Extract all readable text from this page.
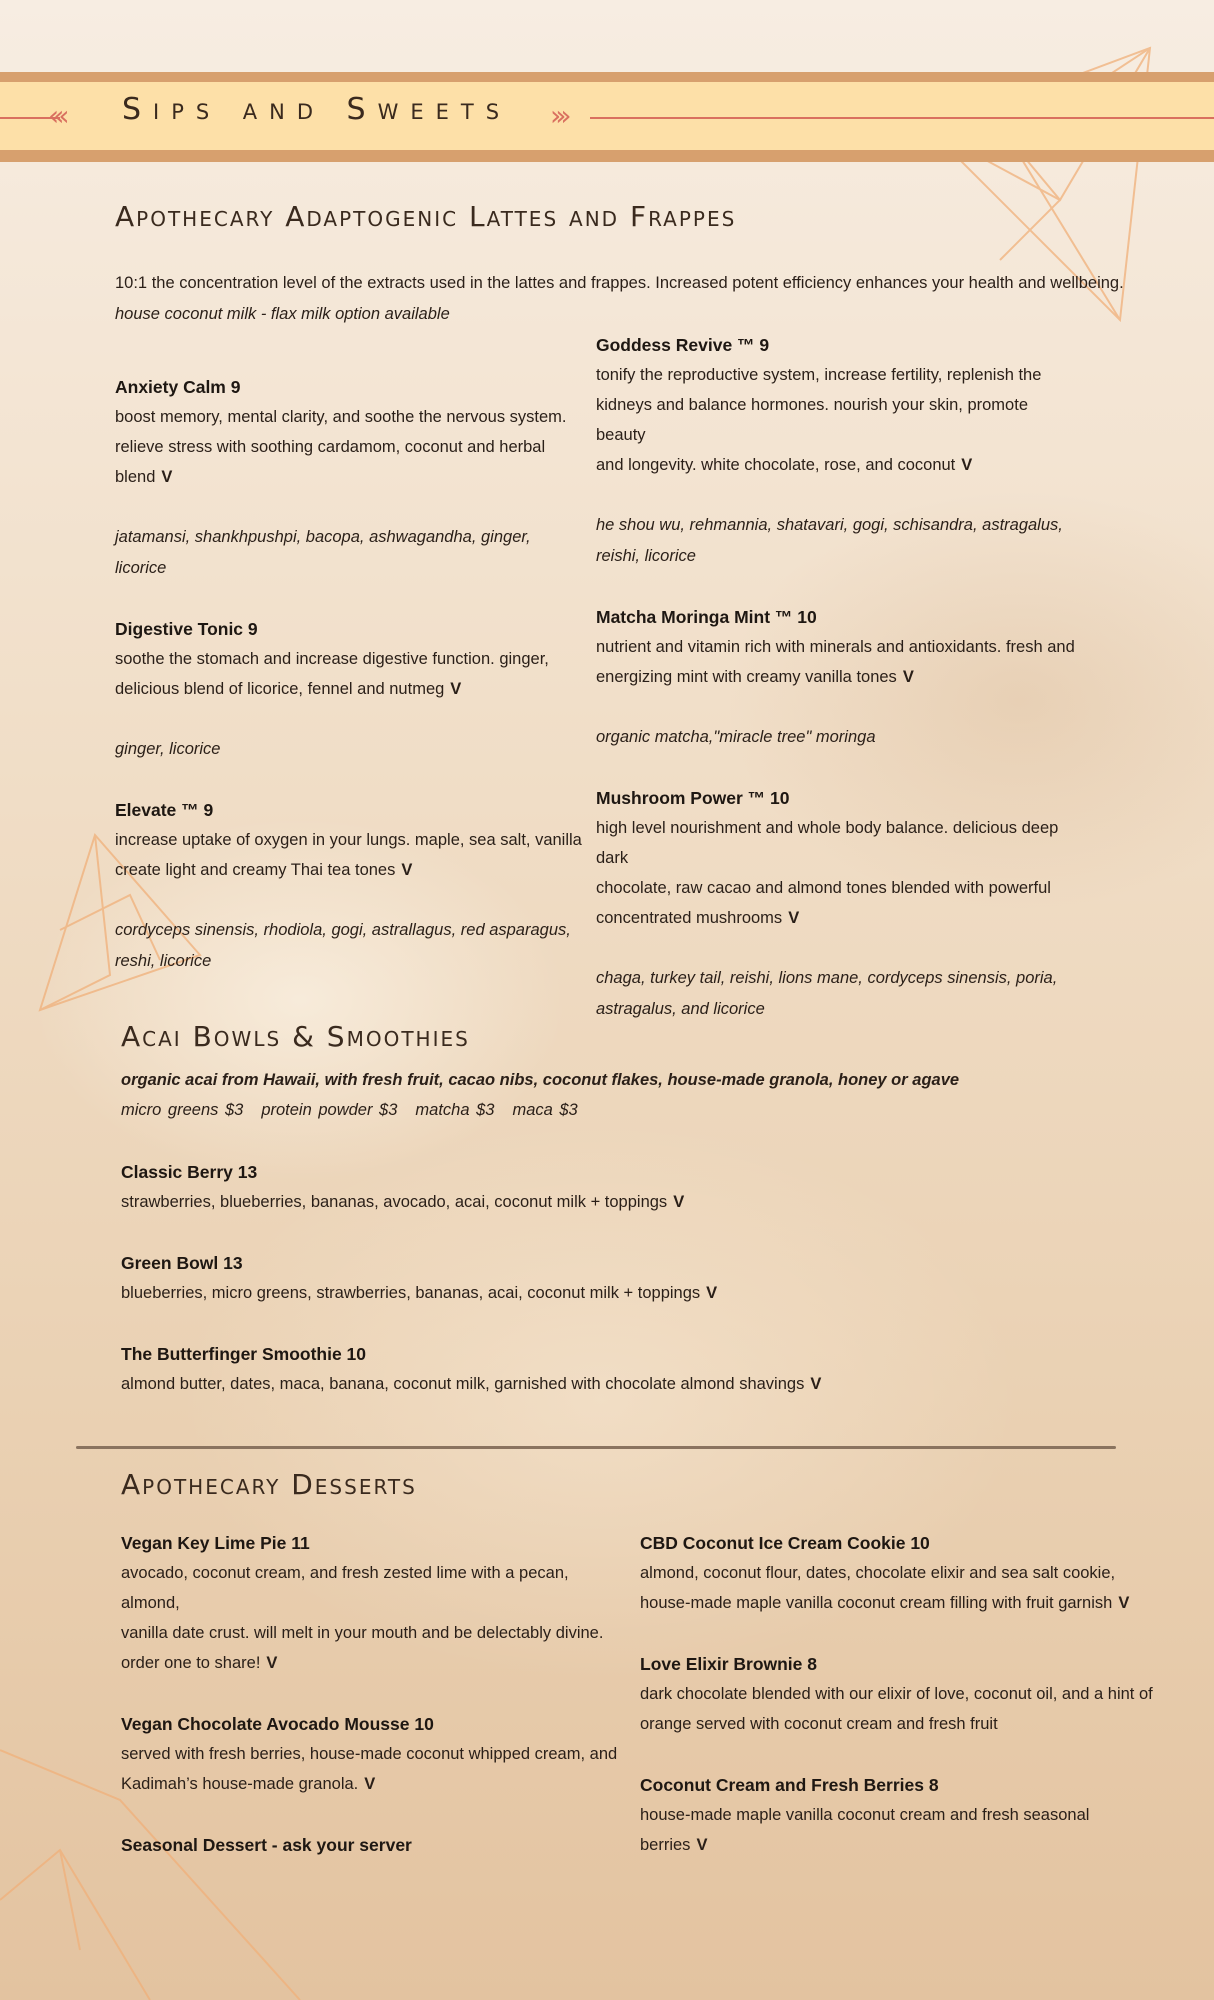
‹‹‹	›››
Sips and Sweets
Apothecary Adaptogenic Lattes and Frappes
10:1 the concentration level of the extracts used in the lattes and frappes. Increased potent efficiency enhances your health and wellbeing.
house coconut milk - flax milk option available
Anxiety Calm 9
boost memory, mental clarity, and soothe the nervous system.
relieve stress with soothing cardamom, coconut and herbal blend V
jatamansi, shankhpushpi, bacopa, ashwagandha, ginger, licorice
Digestive Tonic 9
soothe the stomach and increase digestive function. ginger,
delicious blend of licorice, fennel and nutmeg V
ginger, licorice
Elevate ™ 9
increase uptake of oxygen in your lungs. maple, sea salt, vanilla
create light and creamy Thai tea tones V
cordyceps sinensis, rhodiola, gogi, astrallagus, red asparagus, reshi, licorice
Goddess Revive ™ 9
tonify the reproductive system, increase fertility, replenish the
kidneys and balance hormones. nourish your skin, promote beauty
and longevity. white chocolate, rose, and coconut V
he shou wu, rehmannia, shatavari, gogi, schisandra, astragalus, reishi, licorice
Matcha Moringa Mint ™ 10
nutrient and vitamin rich with minerals and antioxidants. fresh and
energizing mint with creamy vanilla tones V
organic matcha,"miracle tree" moringa
Mushroom Power ™ 10
high level nourishment and whole body balance. delicious deep dark
chocolate, raw cacao and almond tones blended with powerful
concentrated mushrooms V
chaga, turkey tail, reishi, lions mane, cordyceps sinensis, poria, astragalus, and licorice
Acai Bowls & Smoothies
organic acai from Hawaii, with fresh fruit, cacao nibs, coconut flakes, house-made granola, honey or agave
micro greens $3 protein powder $3 matcha $3 maca $3
Classic Berry 13
strawberries, blueberries, bananas, avocado, acai, coconut milk + toppings V
Green Bowl 13
blueberries, micro greens, strawberries, bananas, acai, coconut milk + toppings V
The Butterfinger Smoothie 10
almond butter, dates, maca, banana, coconut milk, garnished with chocolate almond shavings V
Apothecary Desserts
Vegan Key Lime Pie 11
avocado, coconut cream, and fresh zested lime with a pecan, almond,
vanilla date crust. will melt in your mouth and be delectably divine.
order one to share! V
Vegan Chocolate Avocado Mousse 10
served with fresh berries, house-made coconut whipped cream, and
Kadimah’s house-made granola. V
Seasonal Dessert - ask your server
CBD Coconut Ice Cream Cookie 10
almond, coconut flour, dates, chocolate elixir and sea salt cookie,
house-made maple vanilla coconut cream filling with fruit garnish V
Love Elixir Brownie 8
dark chocolate blended with our elixir of love, coconut oil, and a hint of
orange served with coconut cream and fresh fruit
Coconut Cream and Fresh Berries 8
house-made maple vanilla coconut cream and fresh seasonal berries V
